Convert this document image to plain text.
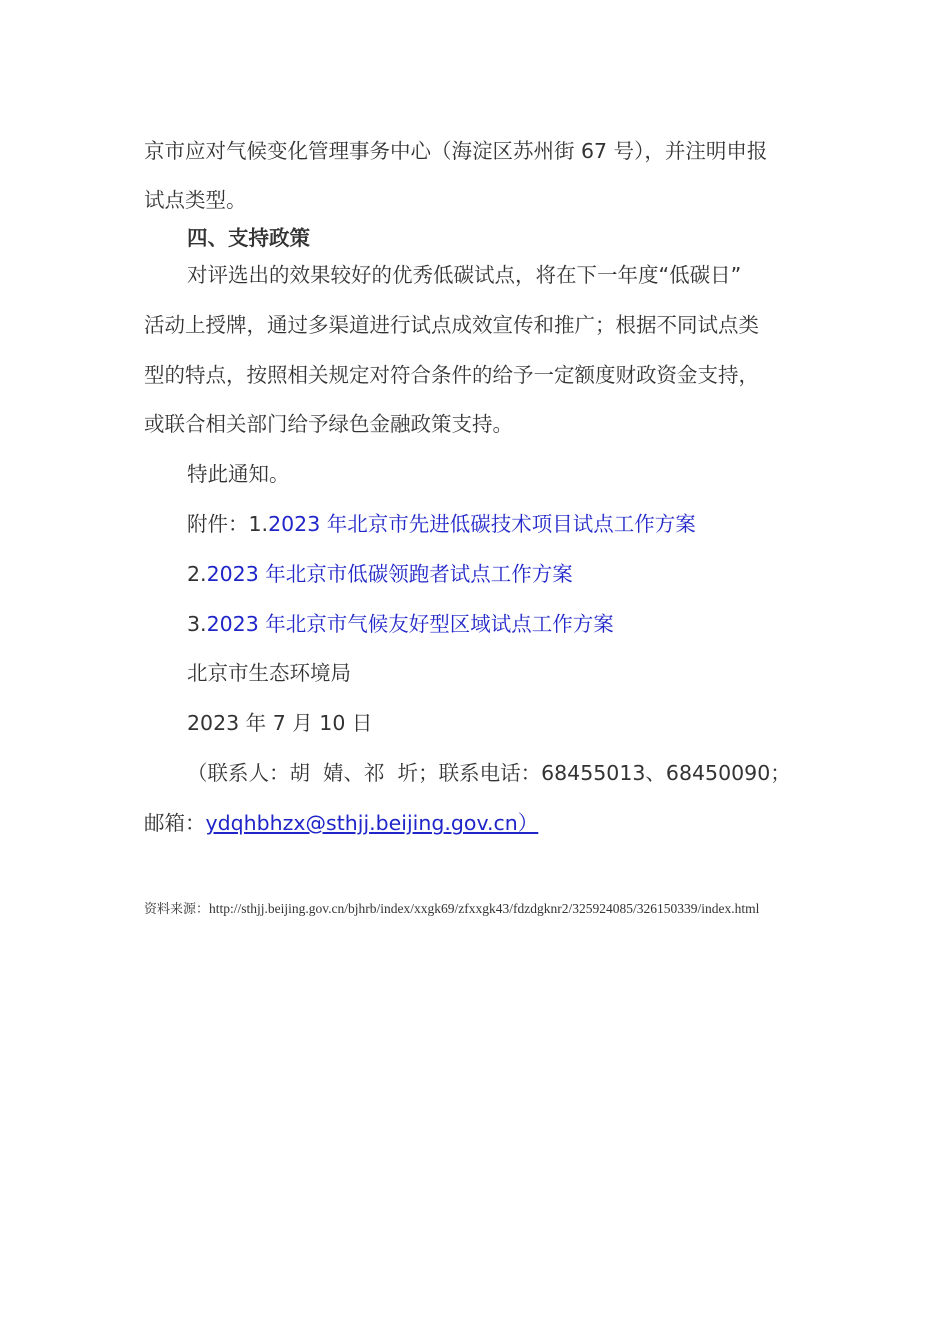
京市应对气候变化管理事务中心（海淀区苏州街 67 号），并注明申报
试点类型。
四、支持政策
对评选出的效果较好的优秀低碳试点，将在下一年度“低碳日”
活动上授牌，通过多渠道进行试点成效宣传和推广；根据不同试点类
型的特点，按照相关规定对符合条件的给予一定额度财政资金支持，
或联合相关部门给予绿色金融政策支持。
特此通知。
附件：1.2023 年北京市先进低碳技术项目试点工作方案
2.2023 年北京市低碳领跑者试点工作方案
3.2023 年北京市气候友好型区域试点工作方案
北京市生态环境局
2023 年 7 月 10 日
（联系人：胡  婧、祁  圻；联系电话：68455013、68450090；
邮箱：ydqhbhzx@sthjj.beijing.gov.cn）
资料来源：http://sthjj.beijing.gov.cn/bjhrb/index/xxgk69/zfxxgk43/fdzdgknr2/325924085/326150339/index.html
